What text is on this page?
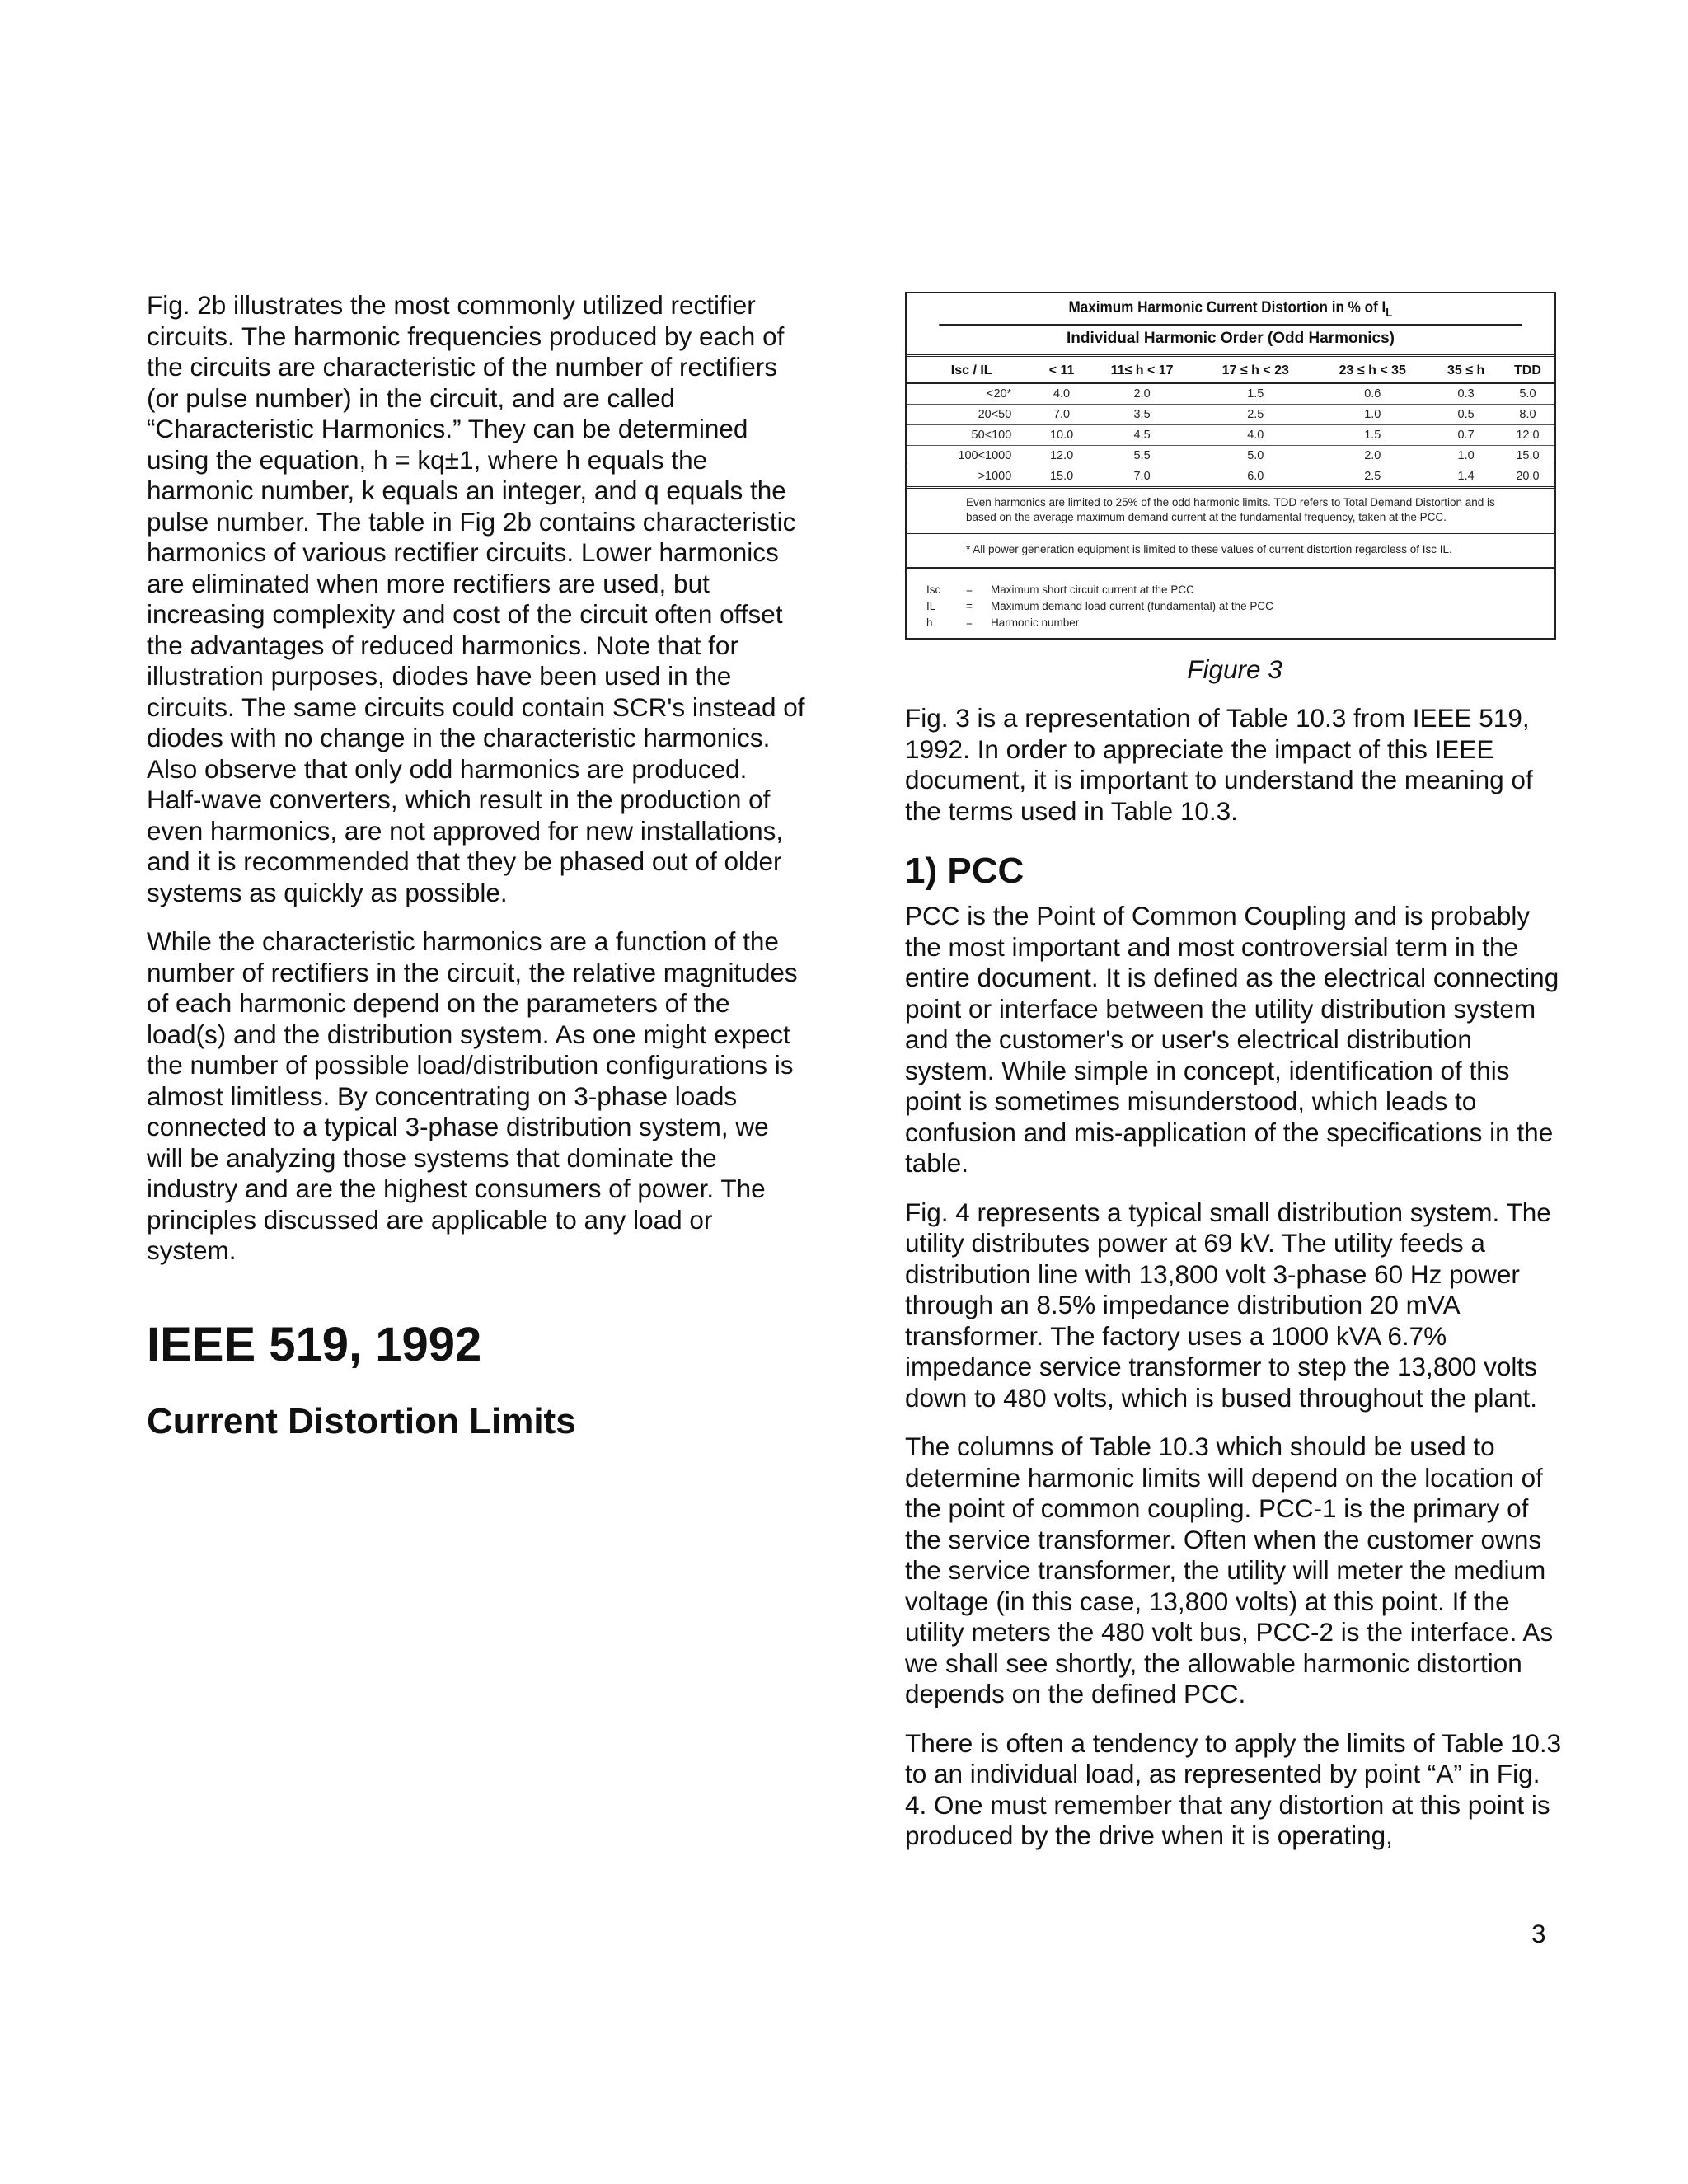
Fig. 2b illustrates the most commonly utilized rectifier circuits. The harmonic frequencies produced by each of the circuits are characteristic of the number of rectifiers (or pulse number) in the circuit, and are called “Characteristic Harmonics.” They can be determined using the equation, h = kq±1, where h equals the harmonic number, k equals an integer, and q equals the pulse number. The table in Fig 2b contains characteristic harmonics of various rectifier circuits. Lower harmonics are eliminated when more rectifiers are used, but increasing complexity and cost of the circuit often offset the advantages of reduced harmonics. Note that for illustration purposes, diodes have been used in the circuits. The same circuits could contain SCR's instead of diodes with no change in the characteristic harmonics. Also observe that only odd harmonics are produced. Half-wave converters, which result in the production of even harmonics, are not approved for new installations, and it is recommended that they be phased out of older systems as quickly as possible.

While the characteristic harmonics are a function of the number of rectifiers in the circuit, the relative magnitudes of each harmonic depend on the parameters of the load(s) and the distribution system. As one might expect the number of possible load/distribution configurations is almost limitless. By concentrating on 3-phase loads connected to a typical 3-phase distribution system, we will be analyzing those systems that dominate the industry and are the highest consumers of power. The principles discussed are applicable to any load or system.

IEEE 519, 1992
Current Distortion Limits
Maximum Harmonic Current Distortion in % of $I_L$
Individual Harmonic Order (Odd Harmonics)
Isc / IL	< 11	11≤ h < 17	17 ≤ h < 23	23 ≤ h < 35	35 ≤ h	TDD
<20*	4.0	2.0	1.5	0.6	0.3	5.0
20<50	7.0	3.5	2.5	1.0	0.5	8.0
50<100	10.0	4.5	4.0	1.5	0.7	12.0
100<1000	12.0	5.5	5.0	2.0	1.0	15.0
>1000	15.0	7.0	6.0	2.5	1.4	20.0
Even harmonics are limited to 25% of the odd harmonic limits. TDD refers to Total Demand Distortion and is based on the average maximum demand current at the fundamental frequency, taken at the PCC.
* All power generation equipment is limited to these values of current distortion regardless of Isc IL.
Isc	=	Maximum short circuit current at the PCC
IL	=	Maximum demand load current (fundamental) at the PCC
h	=	Harmonic number
Figure 3

Fig. 3 is a representation of Table 10.3 from IEEE 519, 1992. In order to appreciate the impact of this IEEE document, it is important to understand the meaning of the terms used in Table 10.3.

1) PCC

PCC is the Point of Common Coupling and is probably the most important and most controversial term in the entire document. It is defined as the electrical connecting point or interface between the utility distribution system and the customer's or user's electrical distribution system. While simple in concept, identification of this point is sometimes misunderstood, which leads to confusion and mis-application of the specifications in the table.

Fig. 4 represents a typical small distribution system. The utility distributes power at 69 kV. The utility feeds a distribution line with 13,800 volt 3-phase 60 Hz power through an 8.5% impedance distribution 20 mVA transformer. The factory uses a 1000 kVA 6.7% impedance service transformer to step the 13,800 volts down to 480 volts, which is bused throughout the plant.

The columns of Table 10.3 which should be used to determine harmonic limits will depend on the location of the point of common coupling. PCC-1 is the primary of the service transformer. Often when the customer owns the service transformer, the utility will meter the medium voltage (in this case, 13,800 volts) at this point. If the utility meters the 480 volt bus, PCC-2 is the interface. As we shall see shortly, the allowable harmonic distortion depends on the defined PCC.

There is often a tendency to apply the limits of Table 10.3 to an individual load, as represented by point “A” in Fig. 4. One must remember that any distortion at this point is produced by the drive when it is operating,

3
